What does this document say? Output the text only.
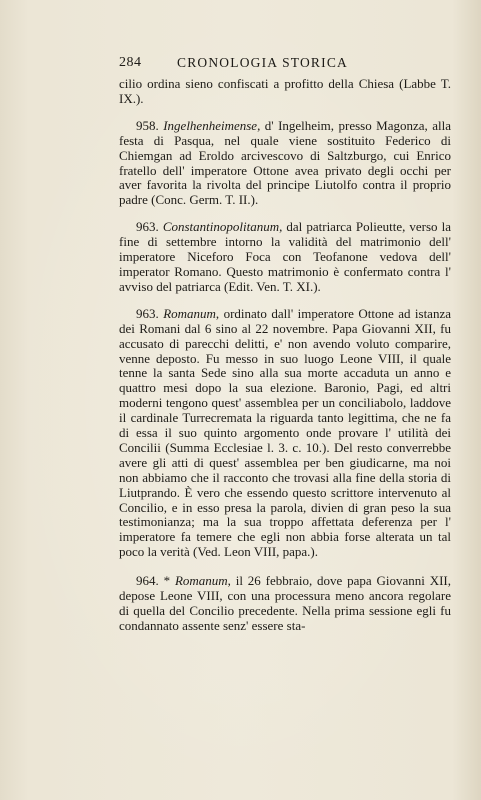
284	CRONOLOGIA STORICA

cilio ordina sieno confiscati a profitto della Chiesa (Labbe T. IX.).

958. Ingelhenheimense, d' Ingelheim, presso Magonza, alla festa di Pasqua, nel quale viene sostituito Federico di Chiemgan ad Eroldo arcivescovo di Saltzburgo, cui Enrico fratello dell' imperatore Ottone avea privato degli occhi per aver favorita la rivolta del principe Liutolfo contra il proprio padre (Conc. Germ. T. II.).

963. Constantinopolitanum, dal patriarca Polieutte, verso la fine di settembre intorno la validità del matrimonio dell' imperatore Niceforo Foca con Teofanone vedova dell' imperator Romano. Questo matrimonio è confermato contra l' avviso del patriarca (Edit. Ven. T. XI.).

963. Romanum, ordinato dall' imperatore Ottone ad istanza dei Romani dal 6 sino al 22 novembre. Papa Giovanni XII, fu accusato di parecchi delitti, e' non avendo voluto comparire, venne deposto. Fu messo in suo luogo Leone VIII, il quale tenne la santa Sede sino alla sua morte accaduta un anno e quattro mesi dopo la sua elezione. Baronio, Pagi, ed altri moderni tengono quest' assemblea per un conciliabolo, laddove il cardinale Turrecremata la riguarda tanto legittima, che ne fa di essa il suo quinto argomento onde provare l' utilità dei Concilii (Summa Ecclesiae l. 3. c. 10.). Del resto converrebbe avere gli atti di quest' assemblea per ben giudicarne, ma noi non abbiamo che il racconto che trovasi alla fine della storia di Liutprando. È vero che essendo questo scrittore intervenuto al Concilio, e in esso presa la parola, divien di gran peso la sua testimonianza; ma la sua troppo affettata deferenza per l' imperatore fa temere che egli non abbia forse alterata un tal poco la verità (Ved. Leon VIII, papa.).

964. * Romanum, il 26 febbraio, dove papa Giovanni XII, depose Leone VIII, con una processura meno ancora regolare di quella del Concilio precedente. Nella prima sessione egli fu condannato assente senz' essere sta-
